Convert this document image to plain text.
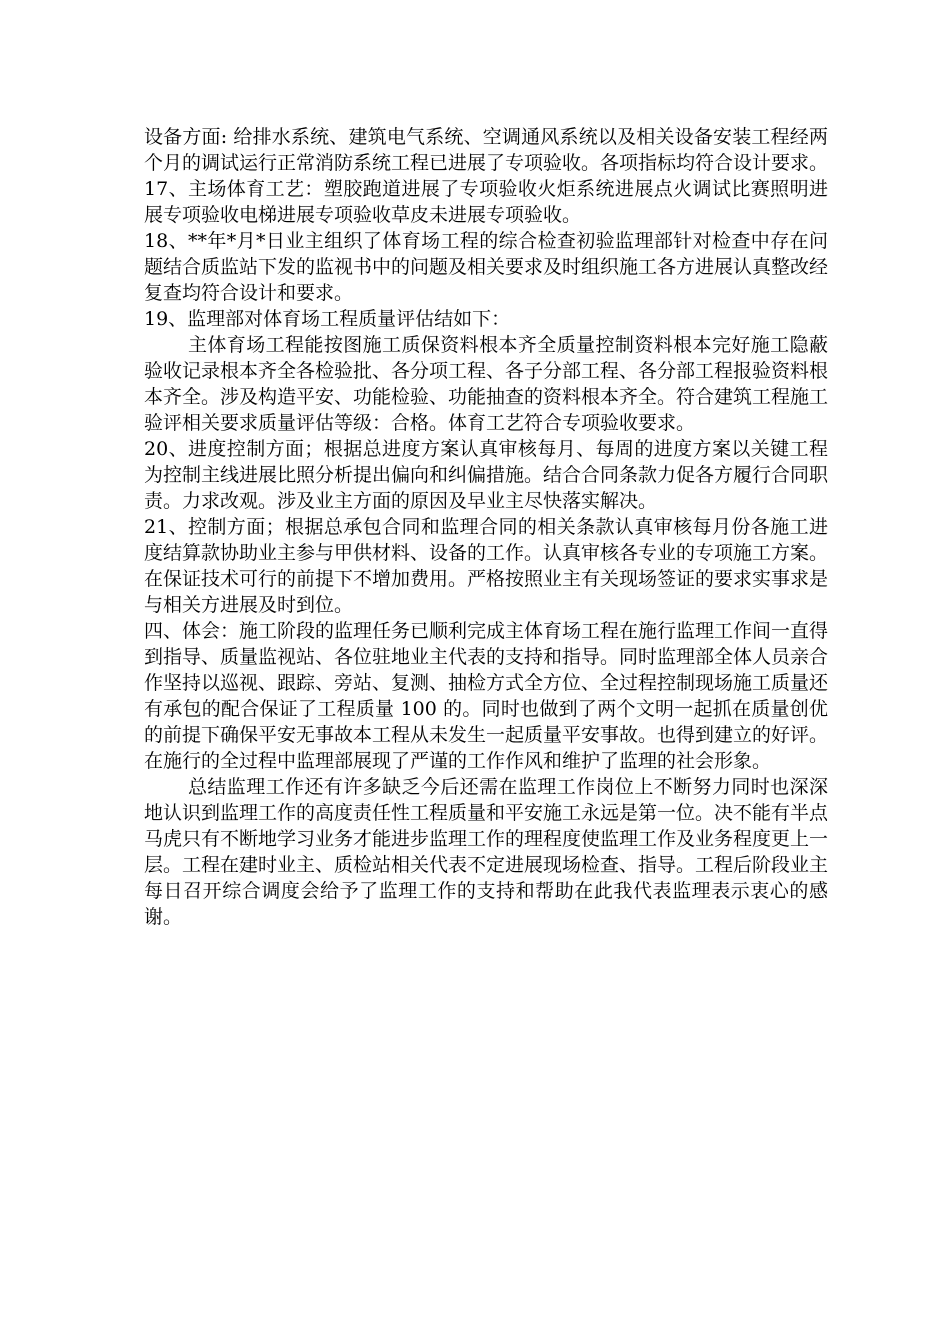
设备方面: 给排水系统、建筑电气系统、空调通风系统以及相关设备安装工程经两个月的调试运行正常消防系统工程已进展了专项验收。各项指标均符合设计要求。

17、主场体育工艺：塑胶跑道进展了专项验收火炬系统进展点火调试比赛照明进展专项验收电梯进展专项验收草皮未进展专项验收。

18、**年*月*日业主组织了体育场工程的综合检查初验监理部针对检查中存在问题结合质监站下发的监视书中的问题及相关要求及时组织施工各方进展认真整改经复查均符合设计和要求。

19、监理部对体育场工程质量评估结如下：

主体育场工程能按图施工质保资料根本齐全质量控制资料根本完好施工隐蔽验收记录根本齐全各检验批、各分项工程、各子分部工程、各分部工程报验资料根本齐全。涉及构造平安、功能检验、功能抽查的资料根本齐全。符合建筑工程施工验评相关要求质量评估等级：合格。体育工艺符合专项验收要求。

20、进度控制方面；根据总进度方案认真审核每月、每周的进度方案以关键工程为控制主线进展比照分析提出偏向和纠偏措施。结合合同条款力促各方履行合同职责。力求改观。涉及业主方面的原因及早业主尽快落实解决。

21、控制方面；根据总承包合同和监理合同的相关条款认真审核每月份各施工进度结算款协助业主参与甲供材料、设备的工作。认真审核各专业的专项施工方案。在保证技术可行的前提下不增加费用。严格按照业主有关现场签证的要求实事求是与相关方进展及时到位。

四、体会：施工阶段的监理任务已顺利完成主体育场工程在施行监理工作间一直得到指导、质量监视站、各位驻地业主代表的支持和指导。同时监理部全体人员亲合作坚持以巡视、跟踪、旁站、复测、抽检方式全方位、全过程控制现场施工质量还有承包的配合保证了工程质量 100 的。同时也做到了两个文明一起抓在质量创优的前提下确保平安无事故本工程从未发生一起质量平安事故。也得到建立的好评。在施行的全过程中监理部展现了严谨的工作作风和维护了监理的社会形象。

总结监理工作还有许多缺乏今后还需在监理工作岗位上不断努力同时也深深地认识到监理工作的高度责任性工程质量和平安施工永远是第一位。决不能有半点马虎只有不断地学习业务才能进步监理工作的理程度使监理工作及业务程度更上一层。工程在建时业主、质检站相关代表不定进展现场检查、指导。工程后阶段业主每日召开综合调度会给予了监理工作的支持和帮助在此我代表监理表示衷心的感谢。
